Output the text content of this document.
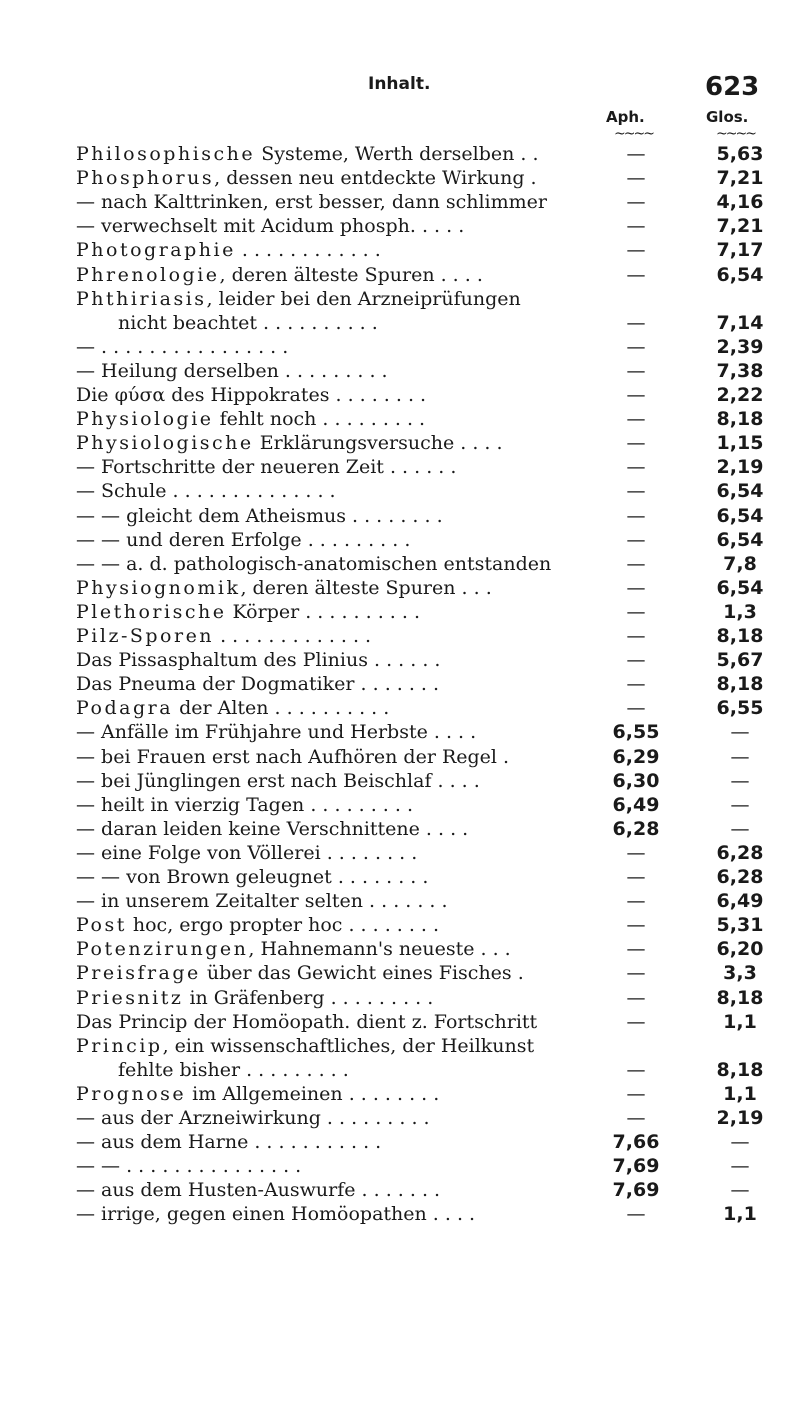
Inhalt.	623
Aph.	Glos.
~~~~	~~~~
Philosophische Systeme, Werth derselben . .	—	5,63
Phosphorus, dessen neu entdeckte Wirkung .	—	7,21
— nach Kalttrinken, erst besser, dann schlimmer	—	4,16
— verwechselt mit Acidum phosph. . . . .	—	7,21
Photographie . . . . . . . . . . . .	—	7,17
Phrenologie, deren älteste Spuren . . . .	—	6,54
Phthiriasis, leider bei den Arzneiprüfungen
nicht beachtet . . . . . . . . . .	—	7,14
— . . . . . . . . . . . . . . . .	—	2,39
— Heilung derselben . . . . . . . . .	—	7,38
Die φύσα des Hippokrates . . . . . . . .	—	2,22
Physiologie fehlt noch . . . . . . . . .	—	8,18
Physiologische Erklärungsversuche . . . .	—	1,15
— Fortschritte der neueren Zeit . . . . . .	—	2,19
— Schule . . . . . . . . . . . . . .	—	6,54
— — gleicht dem Atheismus . . . . . . . .	—	6,54
— — und deren Erfolge . . . . . . . . .	—	6,54
— — a. d. pathologisch-anatomischen entstanden	—	7,8
Physiognomik, deren älteste Spuren . . .	—	6,54
Plethorische Körper . . . . . . . . . .	—	1,3
Pilz-Sporen . . . . . . . . . . . . .	—	8,18
Das Pissasphaltum des Plinius . . . . . .	—	5,67
Das Pneuma der Dogmatiker . . . . . . .	—	8,18
Podagra der Alten . . . . . . . . . .	—	6,55
— Anfälle im Frühjahre und Herbste . . . .	6,55	—
— bei Frauen erst nach Aufhören der Regel .	6,29	—
— bei Jünglingen erst nach Beischlaf . . . .	6,30	—
— heilt in vierzig Tagen . . . . . . . . .	6,49	—
— daran leiden keine Verschnittene . . . .	6,28	—
— eine Folge von Völlerei . . . . . . . .	—	6,28
— — von Brown geleugnet . . . . . . . .	—	6,28
— in unserem Zeitalter selten . . . . . . .	—	6,49
Post hoc, ergo propter hoc . . . . . . . .	—	5,31
Potenzirungen, Hahnemann's neueste . . .	—	6,20
Preisfrage über das Gewicht eines Fisches .	—	3,3
Priesnitz in Gräfenberg . . . . . . . . .	—	8,18
Das Princip der Homöopath. dient z. Fortschritt	—	1,1
Princip, ein wissenschaftliches, der Heilkunst
fehlte bisher . . . . . . . . .	—	8,18
Prognose im Allgemeinen . . . . . . . .	—	1,1
— aus der Arzneiwirkung . . . . . . . . .	—	2,19
— aus dem Harne . . . . . . . . . . .	7,66	—
— — . . . . . . . . . . . . . . .	7,69	—
— aus dem Husten-Auswurfe . . . . . . .	7,69	—
— irrige, gegen einen Homöopathen . . . .	—	1,1
